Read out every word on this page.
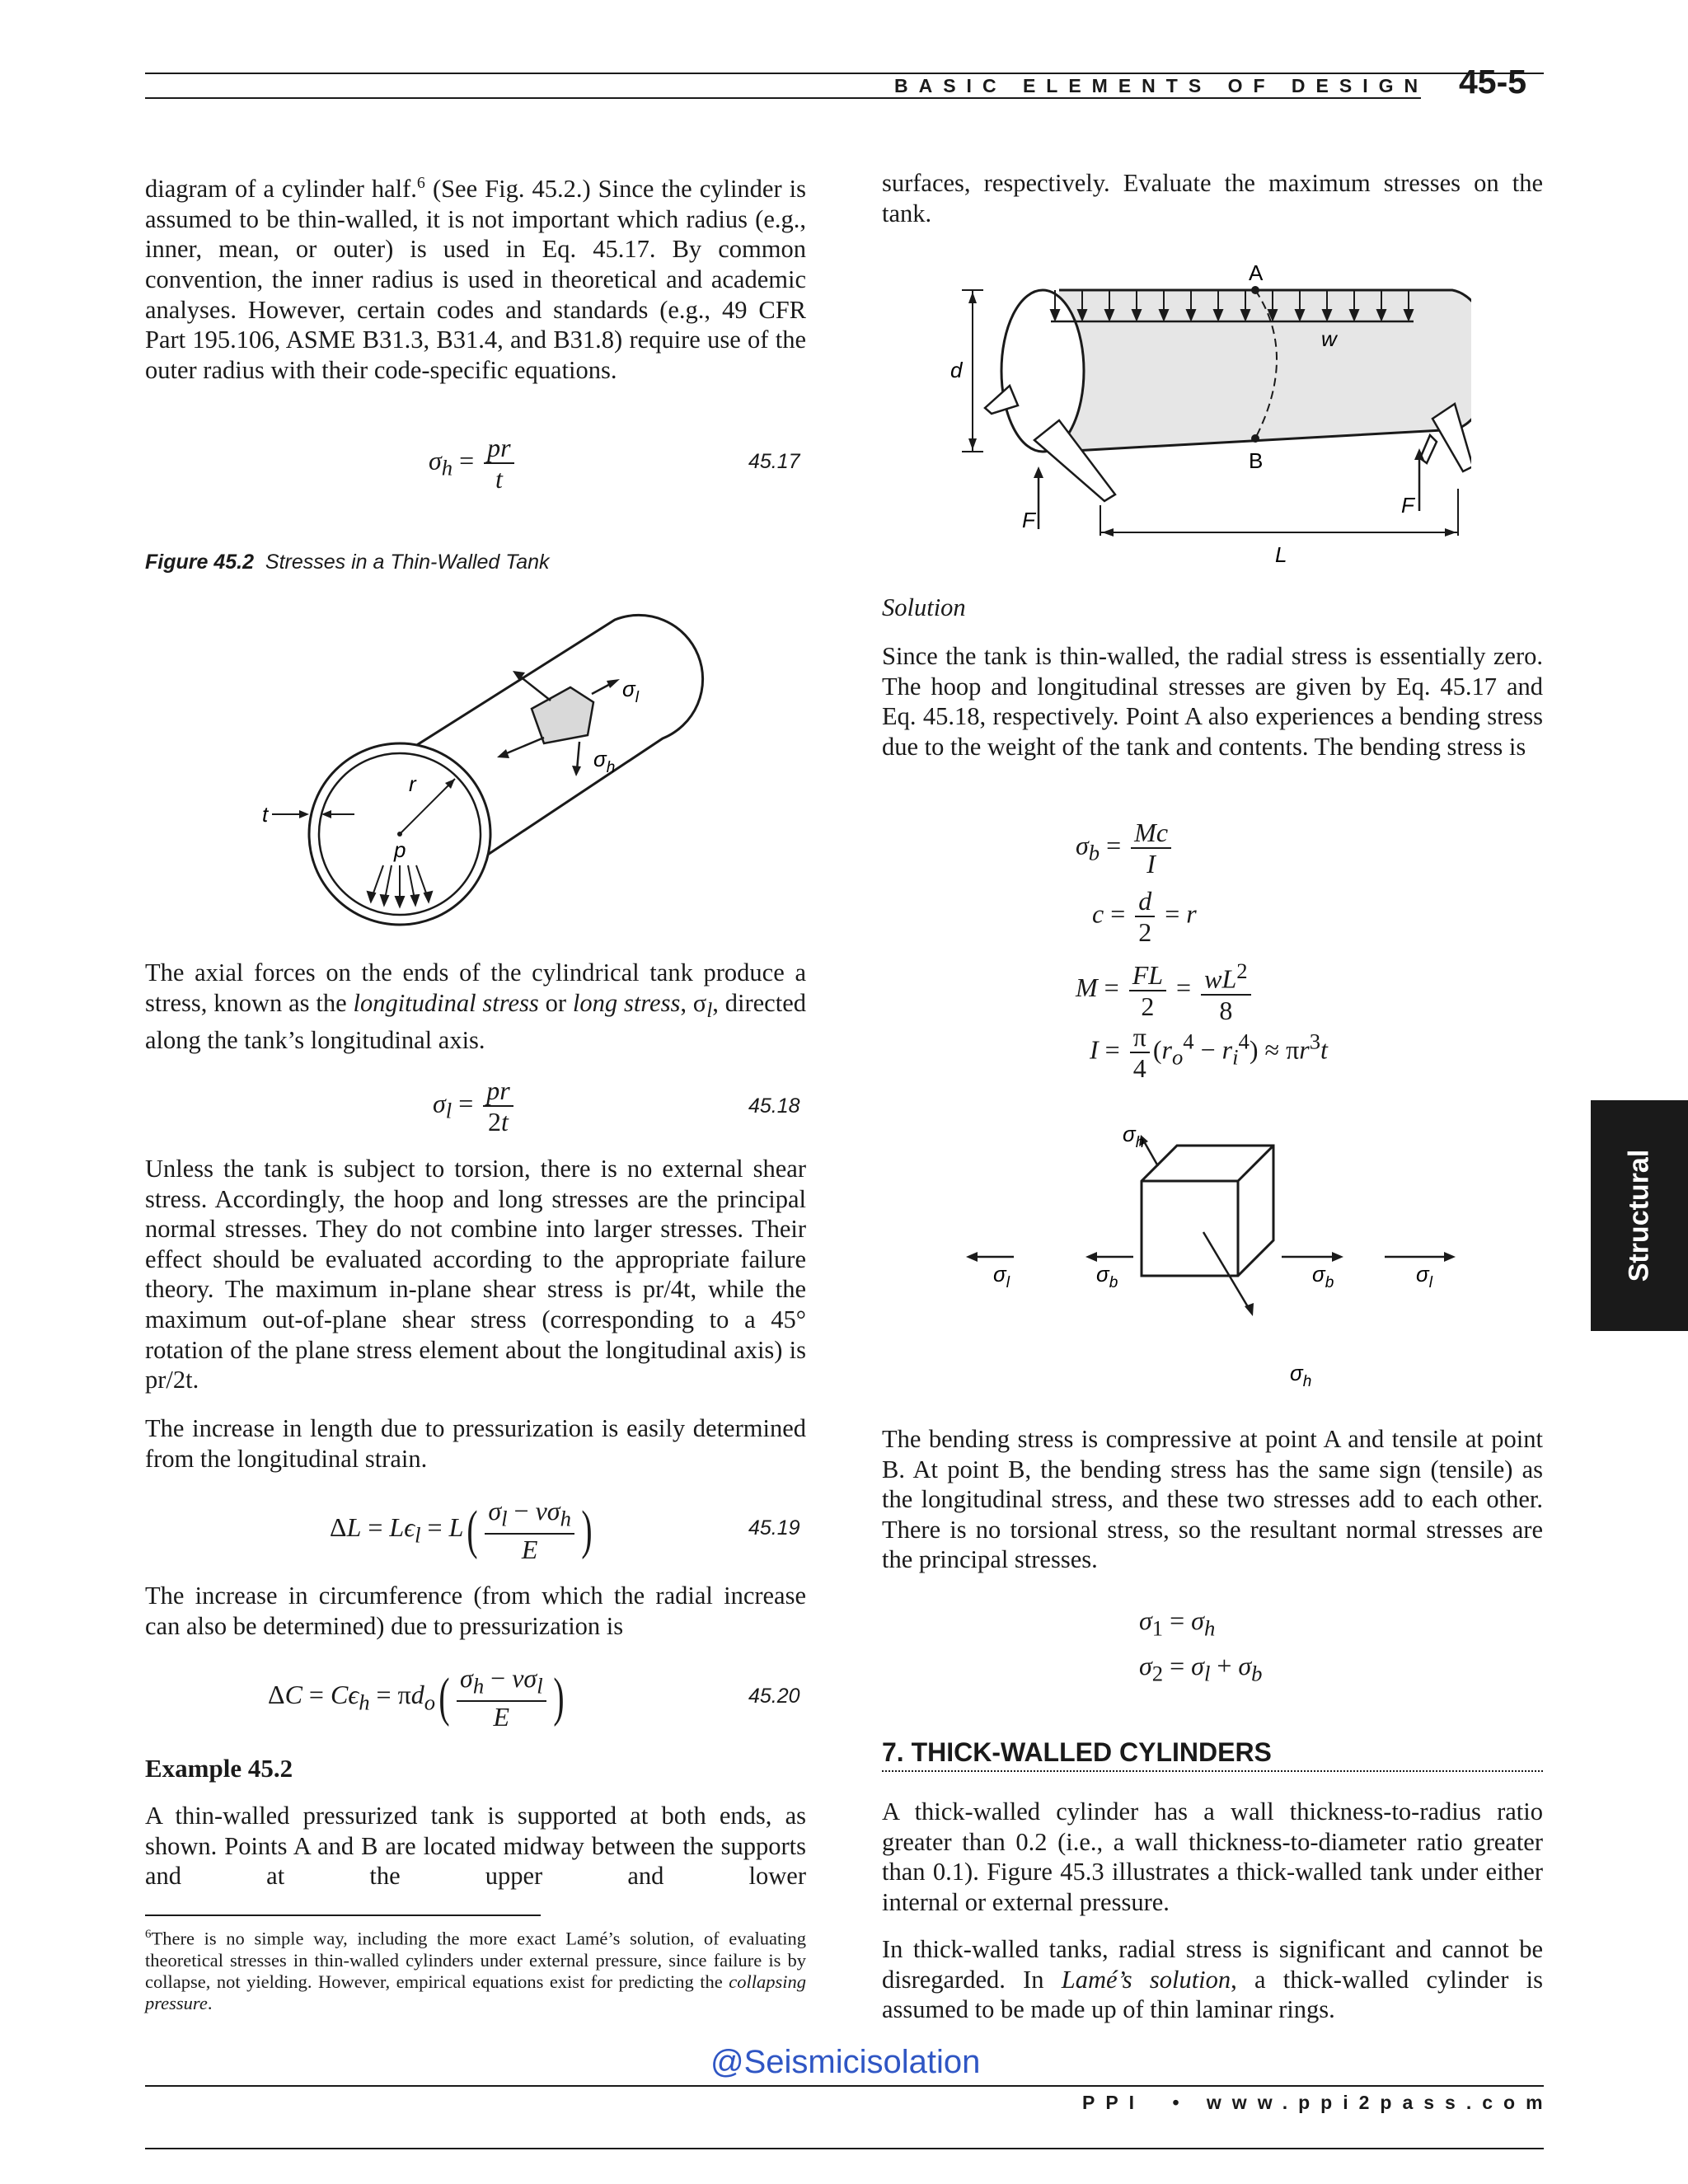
BASIC ELEMENTS OF DESIGN 45-5

diagram of a cylinder half.$^6$ (See Fig. 45.2.) Since the cylinder is assumed to be thin-walled, it is not important which radius (e.g., inner, mean, or outer) is used in Eq. 45.17. By common convention, the inner radius is used in theoretical and academic analyses. However, certain codes and standards (e.g., 49 CFR Part 195.106, ASME B31.3, B31.4, and B31.8) require use of the outer radius with their code-specific equations.

$\sigma_h = \frac{pr}{t}$	45.17
Figure 45.2 Stresses in a Thin-Walled Tank
r
p
t
$\sigma_l$
$\sigma_h$

The axial forces on the ends of the cylindrical tank produce a stress, known as the longitudinal stress or long stress, $\sigma_l$, directed along the tank’s longitudinal axis.

$\sigma_l = \frac{pr}{2t}$	45.18

Unless the tank is subject to torsion, there is no external shear stress. Accordingly, the hoop and long stresses are the principal normal stresses. They do not combine into larger stresses. Their effect should be evaluated according to the appropriate failure theory. The maximum in-plane shear stress is pr/4t, while the maximum out-of-plane shear stress (corresponding to a 45° rotation of the plane stress element about the longitudinal axis) is pr/2t.

The increase in length due to pressurization is easily determined from the longitudinal strain.

$\Delta L = L\epsilon_l = L( \frac{\sigma_l - \nu\sigma_h}{E}$ )	45.19

The increase in circumference (from which the radial increase can also be determined) due to pressurization is

$\Delta C = C\epsilon_h = \pi d_o( \frac{\sigma_h - \nu\sigma_l}{E}$ )	45.20
Example 45.2

A thin-walled pressurized tank is supported at both ends, as shown. Points A and B are located midway between the supports and at the upper and lower

$^6$There is no simple way, including the more exact Lamé’s solution, of evaluating theoretical stresses in thin-walled cylinders under external pressure, since failure is by collapse, not yielding. However, empirical equations exist for predicting the collapsing pressure.

surfaces, respectively. Evaluate the maximum stresses on the tank.

d
A
B
w
F
F
L
Solution

Since the tank is thin-walled, the radial stress is essentially zero. The hoop and longitudinal stresses are given by Eq. 45.17 and Eq. 45.18, respectively. Point A also experiences a bending stress due to the weight of the tank and contents. The bending stress is

$\sigma_b = \frac{Mc}{I}$
$c = \frac{d}{2} = r$
$M = \frac{FL}{2} = \frac{wL^2}{8}$
$I = \frac{\pi}{4} (r_o^4 - r_i^4) \approx \pi r^3t$
$\sigma_h$
$\sigma_l$	$\sigma_b$	$\sigma_b$	$\sigma_l$
$\sigma_h$

The bending stress is compressive at point A and tensile at point B. At point B, the bending stress has the same sign (tensile) as the longitudinal stress, and these two stresses add to each other. There is no torsional stress, so the resultant normal stresses are the principal stresses.

$\sigma_1 = \sigma_h$
$\sigma_2 = \sigma_l + \sigma_b$
7. THICK-WALLED CYLINDERS

A thick-walled cylinder has a wall thickness-to-radius ratio greater than 0.2 (i.e., a wall thickness-to-diameter ratio greater than 0.1). Figure 45.3 illustrates a thick-walled tank under either internal or external pressure.

In thick-walled tanks, radial stress is significant and cannot be disregarded. In Lamé’s solution, a thick-walled cylinder is assumed to be made up of thin laminar rings.

Structural
@Seismicisolation
PPI • www.ppi2pass.com
